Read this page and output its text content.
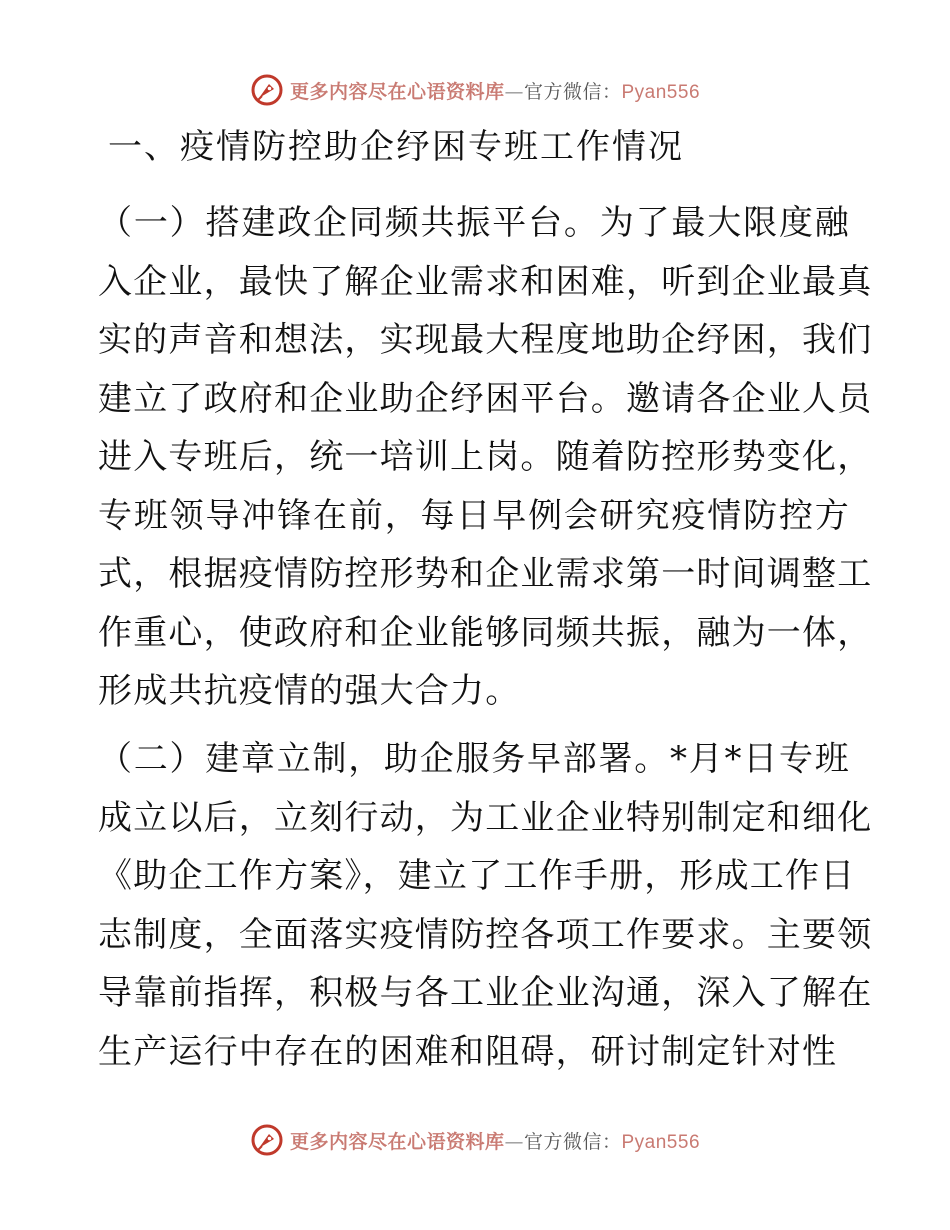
更多内容尽在心语资料库—官方微信：Pyan556
一、疫情防控助企纾困专班工作情况
（一）搭建政企同频共振平台。为了最大限度融
入企业，最快了解企业需求和困难，听到企业最真
实的声音和想法，实现最大程度地助企纾困，我们
建立了政府和企业助企纾困平台。邀请各企业人员
进入专班后，统一培训上岗。随着防控形势变化，
专班领导冲锋在前，每日早例会研究疫情防控方
式，根据疫情防控形势和企业需求第一时间调整工
作重心，使政府和企业能够同频共振，融为一体，
形成共抗疫情的强大合力。
（二）建章立制，助企服务早部署。*月*日专班
成立以后，立刻行动，为工业企业特别制定和细化
《助企工作方案》，建立了工作手册，形成工作日
志制度，全面落实疫情防控各项工作要求。主要领
导靠前指挥，积极与各工业企业沟通，深入了解在
生产运行中存在的困难和阻碍，研讨制定针对性
更多内容尽在心语资料库—官方微信：Pyan556
